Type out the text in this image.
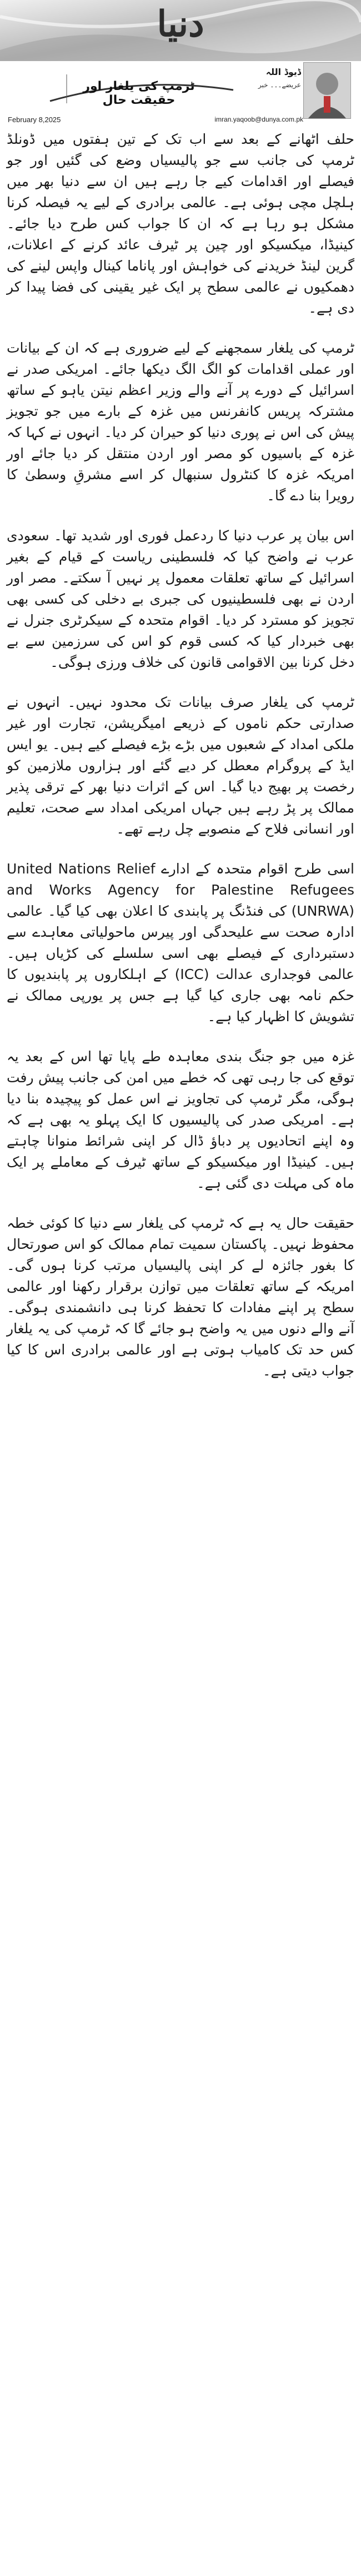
دنیا
ڈیوڈ اللہ
عریضے۔۔۔ خبر
ٹرمپ کی یلغار اور حقیقت حال
February 8,2025	imran.yaqoob@dunya.com.pk

حلف اٹھانے کے بعد سے اب تک کے تین ہفتوں میں ڈونلڈ ٹرمپ کی جانب سے جو پالیسیاں وضع کی گئیں اور جو فیصلے اور اقدامات کیے جا رہے ہیں ان سے دنیا بھر میں ہلچل مچی ہوئی ہے۔ عالمی برادری کے لیے یہ فیصلہ کرنا مشکل ہو رہا ہے کہ ان کا جواب کس طرح دیا جائے۔ کینیڈا، میکسیکو اور چین پر ٹیرف عائد کرنے کے اعلانات، گرین لینڈ خریدنے کی خواہش اور پاناما کینال واپس لینے کی دھمکیوں نے عالمی سطح پر ایک غیر یقینی کی فضا پیدا کر دی ہے۔

ٹرمپ کی یلغار سمجھنے کے لیے ضروری ہے کہ ان کے بیانات اور عملی اقدامات کو الگ الگ دیکھا جائے۔ امریکی صدر نے اسرائیل کے دورے پر آنے والے وزیر اعظم نیتن یاہو کے ساتھ مشترکہ پریس کانفرنس میں غزہ کے بارے میں جو تجویز پیش کی اس نے پوری دنیا کو حیران کر دیا۔ انہوں نے کہا کہ غزہ کے باسیوں کو مصر اور اردن منتقل کر دیا جائے اور امریکہ غزہ کا کنٹرول سنبھال کر اسے مشرقِ وسطیٰ کا رویرا بنا دے گا۔

اس بیان پر عرب دنیا کا ردعمل فوری اور شدید تھا۔ سعودی عرب نے واضح کیا کہ فلسطینی ریاست کے قیام کے بغیر اسرائیل کے ساتھ تعلقات معمول پر نہیں آ سکتے۔ مصر اور اردن نے بھی فلسطینیوں کی جبری بے دخلی کی کسی بھی تجویز کو مسترد کر دیا۔ اقوام متحدہ کے سیکرٹری جنرل نے بھی خبردار کیا کہ کسی قوم کو اس کی سرزمین سے بے دخل کرنا بین الاقوامی قانون کی خلاف ورزی ہوگی۔

ٹرمپ کی یلغار صرف بیانات تک محدود نہیں۔ انہوں نے صدارتی حکم ناموں کے ذریعے امیگریشن، تجارت اور غیر ملکی امداد کے شعبوں میں بڑے بڑے فیصلے کیے ہیں۔ یو ایس ایڈ کے پروگرام معطل کر دیے گئے اور ہزاروں ملازمین کو رخصت پر بھیج دیا گیا۔ اس کے اثرات دنیا بھر کے ترقی پذیر ممالک پر پڑ رہے ہیں جہاں امریکی امداد سے صحت، تعلیم اور انسانی فلاح کے منصوبے چل رہے تھے۔

اسی طرح اقوام متحدہ کے ادارے United Nations Relief and Works Agency for Palestine Refugees (UNRWA) کی فنڈنگ پر پابندی کا اعلان بھی کیا گیا۔ عالمی ادارہ صحت سے علیحدگی اور پیرس ماحولیاتی معاہدے سے دستبرداری کے فیصلے بھی اسی سلسلے کی کڑیاں ہیں۔ عالمی فوجداری عدالت (ICC) کے اہلکاروں پر پابندیوں کا حکم نامہ بھی جاری کیا گیا ہے جس پر یورپی ممالک نے تشویش کا اظہار کیا ہے۔

غزہ میں جو جنگ بندی معاہدہ طے پایا تھا اس کے بعد یہ توقع کی جا رہی تھی کہ خطے میں امن کی جانب پیش رفت ہوگی، مگر ٹرمپ کی تجاویز نے اس عمل کو پیچیدہ بنا دیا ہے۔ امریکی صدر کی پالیسیوں کا ایک پہلو یہ بھی ہے کہ وہ اپنے اتحادیوں پر دباؤ ڈال کر اپنی شرائط منوانا چاہتے ہیں۔ کینیڈا اور میکسیکو کے ساتھ ٹیرف کے معاملے پر ایک ماہ کی مہلت دی گئی ہے۔

حقیقت حال یہ ہے کہ ٹرمپ کی یلغار سے دنیا کا کوئی خطہ محفوظ نہیں۔ پاکستان سمیت تمام ممالک کو اس صورتحال کا بغور جائزہ لے کر اپنی پالیسیاں مرتب کرنا ہوں گی۔ امریکہ کے ساتھ تعلقات میں توازن برقرار رکھنا اور عالمی سطح پر اپنے مفادات کا تحفظ کرنا ہی دانشمندی ہوگی۔ آنے والے دنوں میں یہ واضح ہو جائے گا کہ ٹرمپ کی یہ یلغار کس حد تک کامیاب ہوتی ہے اور عالمی برادری اس کا کیا جواب دیتی ہے۔
